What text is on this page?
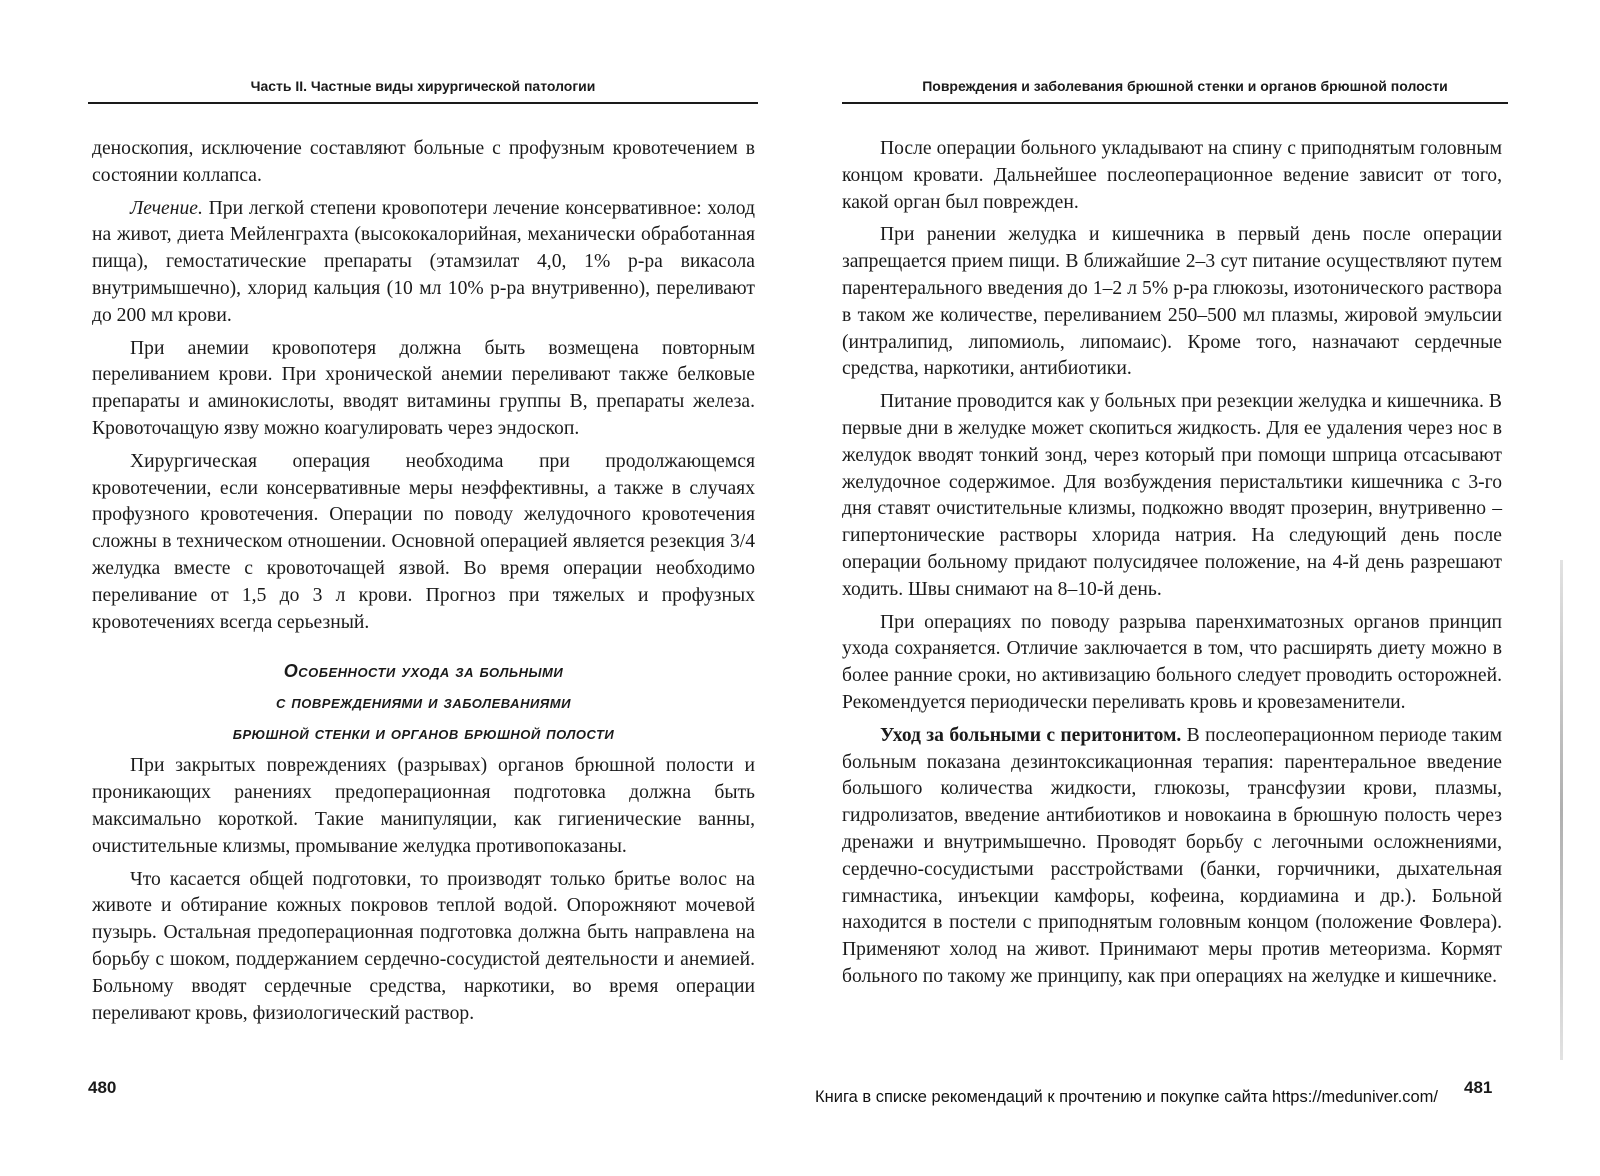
Часть II. Частные виды хирургической патологии

деноскопия, исключение составляют больные с профузным кровотечением в состоянии коллапса.

Лечение. При легкой степени кровопотери лечение консервативное: холод на живот, диета Мейленграхта (высококалорийная, механически обработанная пища), гемостатические препараты (этамзилат 4,0, 1% р-ра викасола внутримышечно), хлорид кальция (10 мл 10% р-ра внутривенно), переливают до 200 мл крови.

При анемии кровопотеря должна быть возмещена повторным переливанием крови. При хронической анемии переливают также белковые препараты и аминокислоты, вводят витамины группы В, препараты железа. Кровоточащую язву можно коагулировать через эндоскоп.

Хирургическая операция необходима при продолжающемся кровотечении, если консервативные меры неэффективны, а также в случаях профузного кровотечения. Операции по поводу желудочного кровотечения сложны в техническом отношении. Основной операцией является резекция 3/4 желудка вместе с кровоточащей язвой. Во время операции необходимо переливание от 1,5 до 3 л крови. Прогноз при тяжелых и профузных кровотечениях всегда серьезный.

Особенности ухода за больными
с повреждениями и заболеваниями
брюшной стенки и органов брюшной полости

При закрытых повреждениях (разрывах) органов брюшной полости и проникающих ранениях предоперационная подготовка должна быть максимально короткой. Такие манипуляции, как гигиенические ванны, очистительные клизмы, промывание желудка противопоказаны.

Что касается общей подготовки, то производят только бритье волос на животе и обтирание кожных покровов теплой водой. Опорожняют мочевой пузырь. Остальная предоперационная подготовка должна быть направлена на борьбу с шоком, поддержанием сердечно-сосудистой деятельности и анемией. Больному вводят сердечные средства, наркотики, во время операции переливают кровь, физиологический раствор.

480
Повреждения и заболевания брюшной стенки и органов брюшной полости

После операции больного укладывают на спину с приподнятым головным концом кровати. Дальнейшее послеоперационное ведение зависит от того, какой орган был поврежден.

При ранении желудка и кишечника в первый день после операции запрещается прием пищи. В ближайшие 2–3 сут питание осуществляют путем парентерального введения до 1–2 л 5% р-ра глюкозы, изотонического раствора в таком же количестве, переливанием 250–500 мл плазмы, жировой эмульсии (интралипид, липомиоль, липомаис). Кроме того, назначают сердечные средства, наркотики, антибиотики.

Питание проводится как у больных при резекции желудка и кишечника. В первые дни в желудке может скопиться жидкость. Для ее удаления через нос в желудок вводят тонкий зонд, через который при помощи шприца отсасывают желудочное содержимое. Для возбуждения перистальтики кишечника с 3-го дня ставят очистительные клизмы, подкожно вводят прозерин, внутривенно – гипертонические растворы хлорида натрия. На следующий день после операции больному придают полусидячее положение, на 4-й день разрешают ходить. Швы снимают на 8–10-й день.

При операциях по поводу разрыва паренхиматозных органов принцип ухода сохраняется. Отличие заключается в том, что расширять диету можно в более ранние сроки, но активизацию больного следует проводить осторожней. Рекомендуется периодически переливать кровь и кровезаменители.

Уход за больными с перитонитом. В послеоперационном периоде таким больным показана дезинтоксикационная терапия: парентеральное введение большого количества жидкости, глюкозы, трансфузии крови, плазмы, гидролизатов, введение антибиотиков и новокаина в брюшную полость через дренажи и внутримышечно. Проводят борьбу с легочными осложнениями, сердечно-сосудистыми расстройствами (банки, горчичники, дыхательная гимнастика, инъекции камфоры, кофеина, кордиамина и др.). Больной находится в постели с приподнятым головным концом (положение Фовлера). Применяют холод на живот. Принимают меры против метеоризма. Кормят больного по такому же принципу, как при операциях на желудке и кишечнике.

481
Книга в списке рекомендаций к прочтению и покупке сайта https://meduniver.com/
